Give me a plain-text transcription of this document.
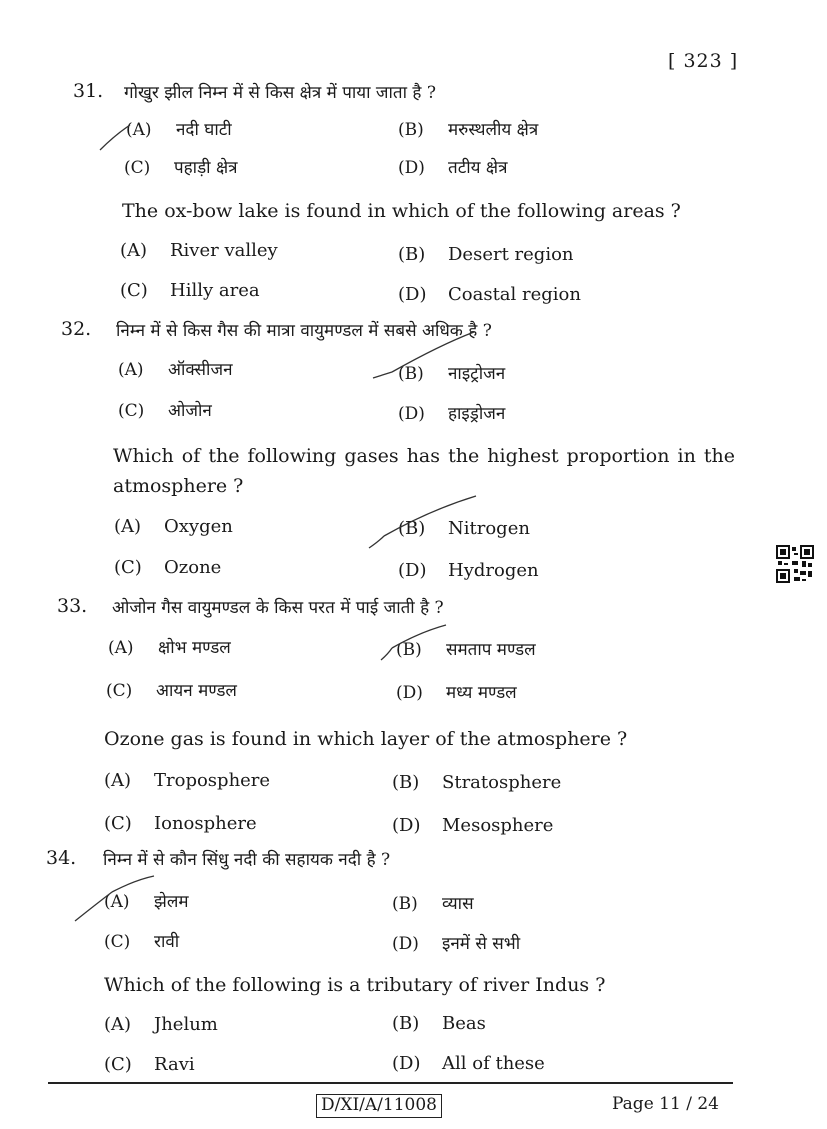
[ 323 ]
31. गोखुर झील निम्न में से किस क्षेत्र में पाया जाता है ?
(A) नदी घाटी	(B) मरुस्थलीय क्षेत्र
(C) पहाड़ी क्षेत्र	(D) तटीय क्षेत्र
The ox-bow lake is found in which of the following areas ?
(A) River valley	(B) Desert region
(C) Hilly area	(D) Coastal region
32. निम्न में से किस गैस की मात्रा वायुमण्डल में सबसे अधिक है ?
(A) ऑक्सीजन	(B) नाइट्रोजन
(C) ओजोन	(D) हाइड्रोजन
Which of the following gases has the highest proportion in the atmosphere ?
(A) Oxygen	(B) Nitrogen
(C) Ozone	(D) Hydrogen
33. ओजोन गैस वायुमण्डल के किस परत में पाई जाती है ?
(A) क्षोभ मण्डल	(B) समताप मण्डल
(C) आयन मण्डल	(D) मध्य मण्डल
Ozone gas is found in which layer of the atmosphere ?
(A) Troposphere	(B) Stratosphere
(C) Ionosphere	(D) Mesosphere
34. निम्न में से कौन सिंधु नदी की सहायक नदी है ?
(A) झेलम	(B) व्यास
(C) रावी	(D) इनमें से सभी
Which of the following is a tributary of river Indus ?
(A) Jhelum	(B) Beas
(C) Ravi	(D) All of these
D/XI/A/11008	Page 11 / 24
